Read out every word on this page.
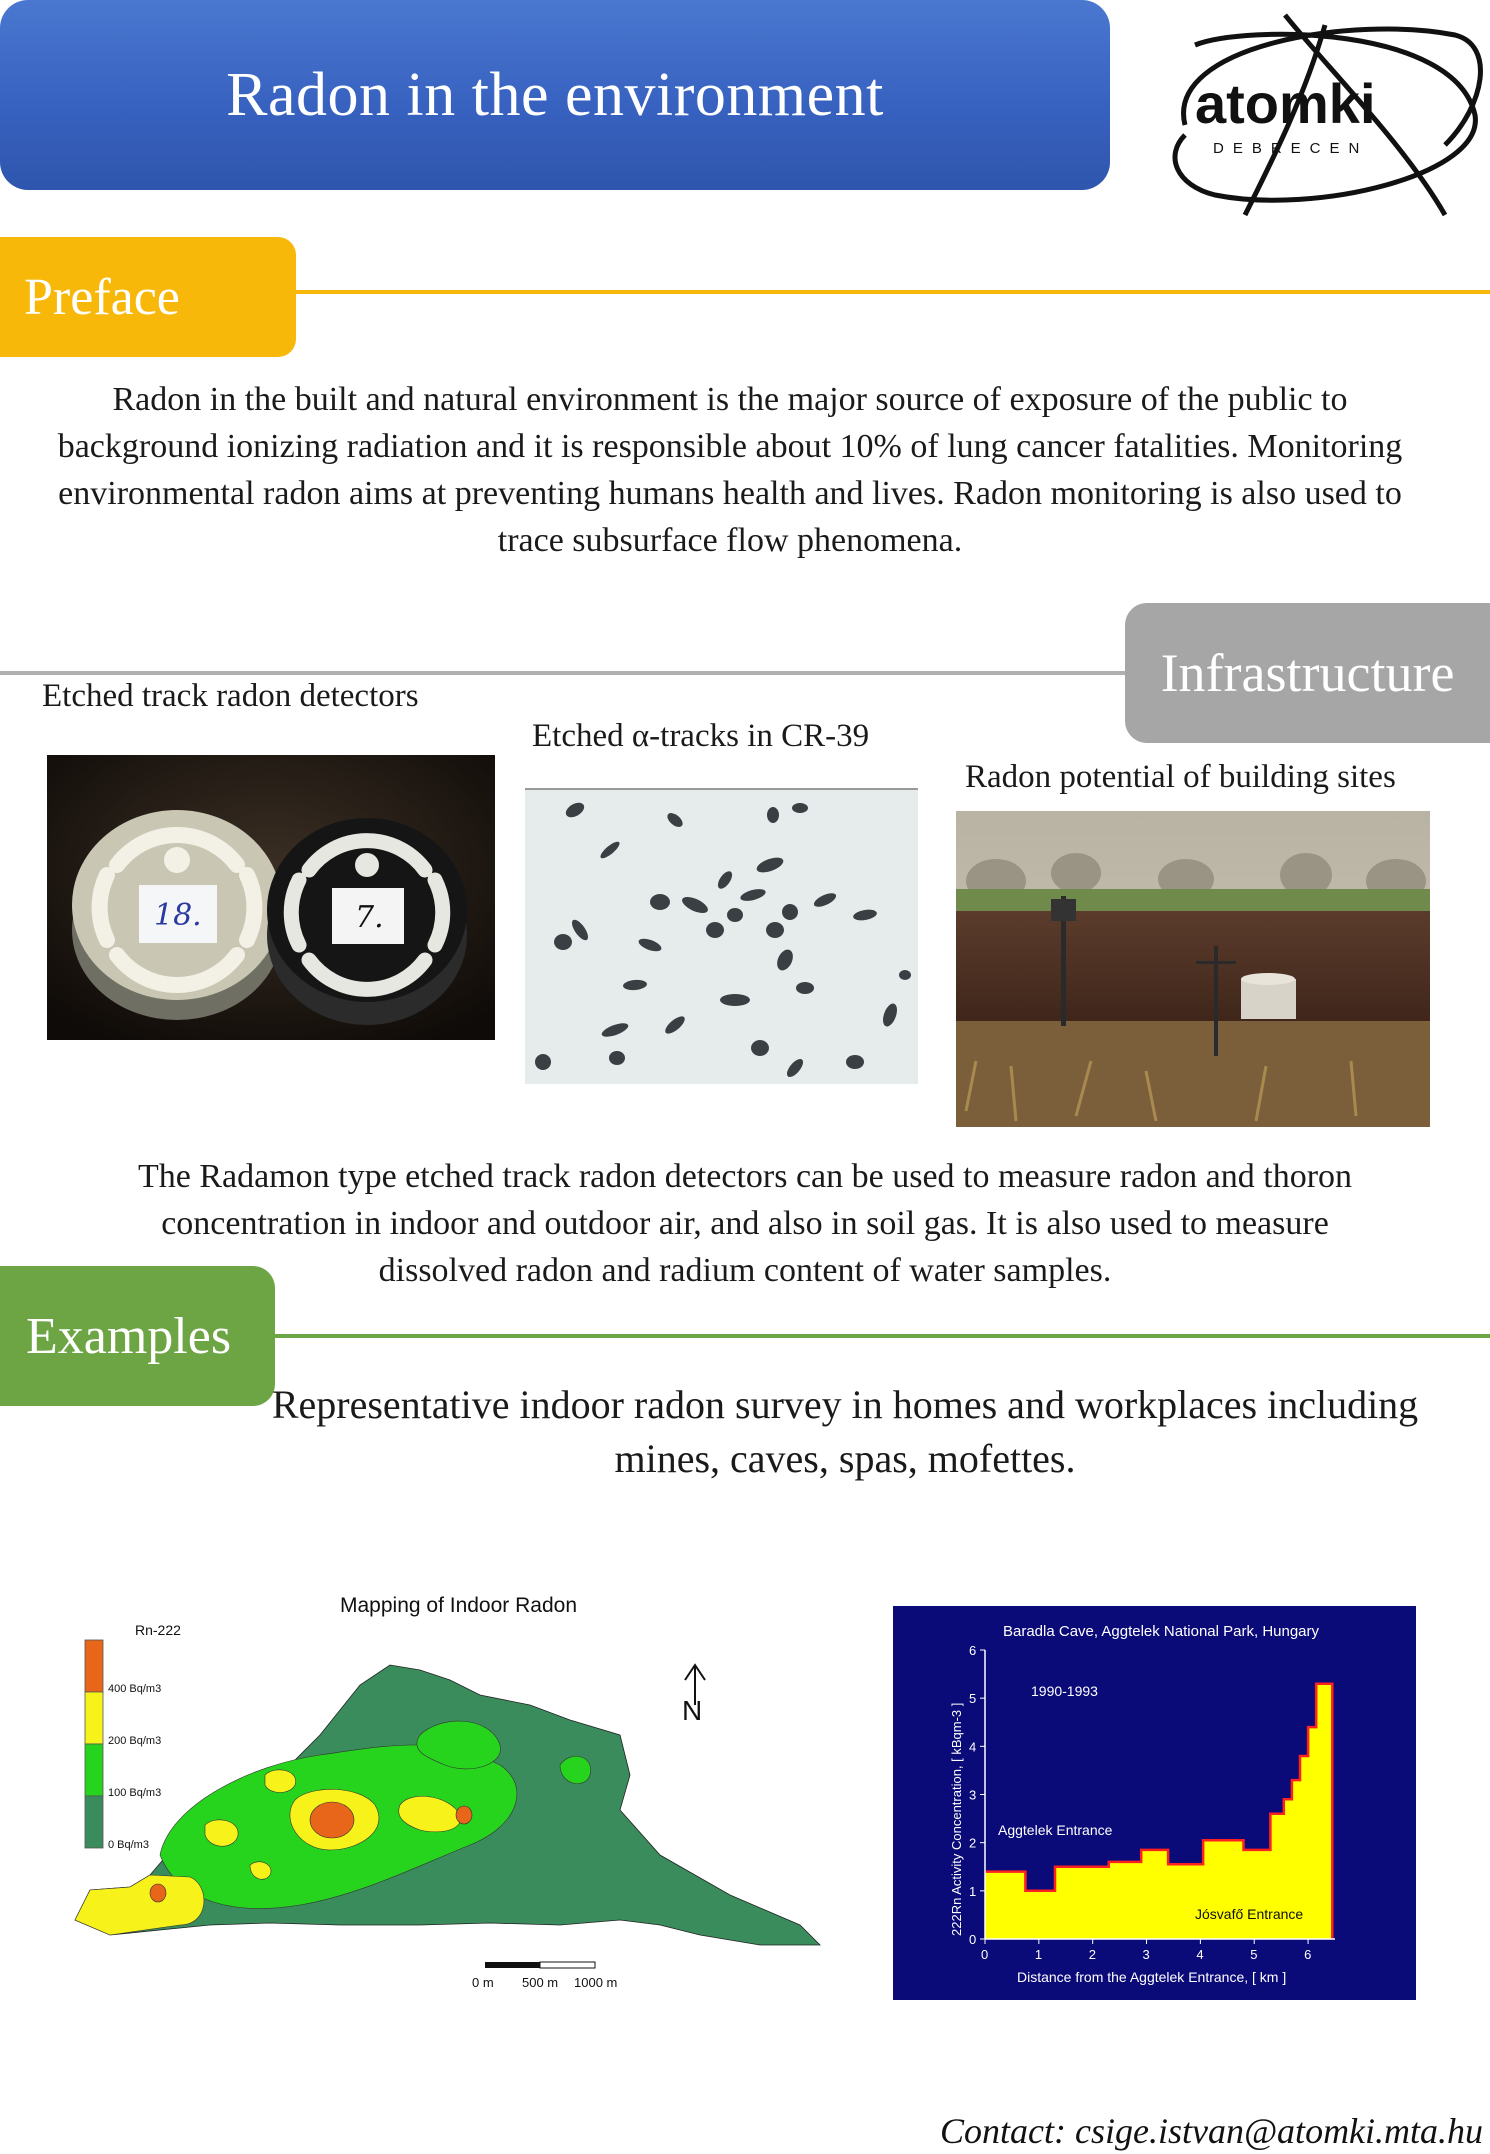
Radon in the environment	atomki
DEBRECEN
Preface

Radon in the built and natural environment is the major source of exposure of the public to background ionizing radiation and it is responsible about 10% of lung cancer fatalities. Monitoring environmental radon aims at preventing humans health and lives. Radon monitoring is also used to trace subsurface flow phenomena.

Infrastructure
Etched track radon detectors
Etched α-tracks in CR-39
Radon potential of building sites
18.	7.

The Radamon type etched track radon detectors can be used to measure radon and thoron concentration in indoor and outdoor air, and also in soil gas. It is also used to measure dissolved radon and radium content of water samples.

Examples

Representative indoor radon survey in homes and workplaces including mines, caves, spas, mofettes.

Mapping of Indoor Radon
Rn-222
400 Bq/m3
200 Bq/m3
100 Bq/m3
0 Bq/m3
N
0 m 500 m 1000 m
Baradla Cave, Aggtelek National Park, Hungary
1990-1993
Aggtelek Entrance
Jósvafő Entrance
0	1	2	3	4	5	6
0
1
2
3
4
5
6
Distance from the Aggtelek Entrance, [ km ]
222Rn Activity Concentration, [ kBqm-3 ]
Contact: csige.istvan@atomki.mta.hu
